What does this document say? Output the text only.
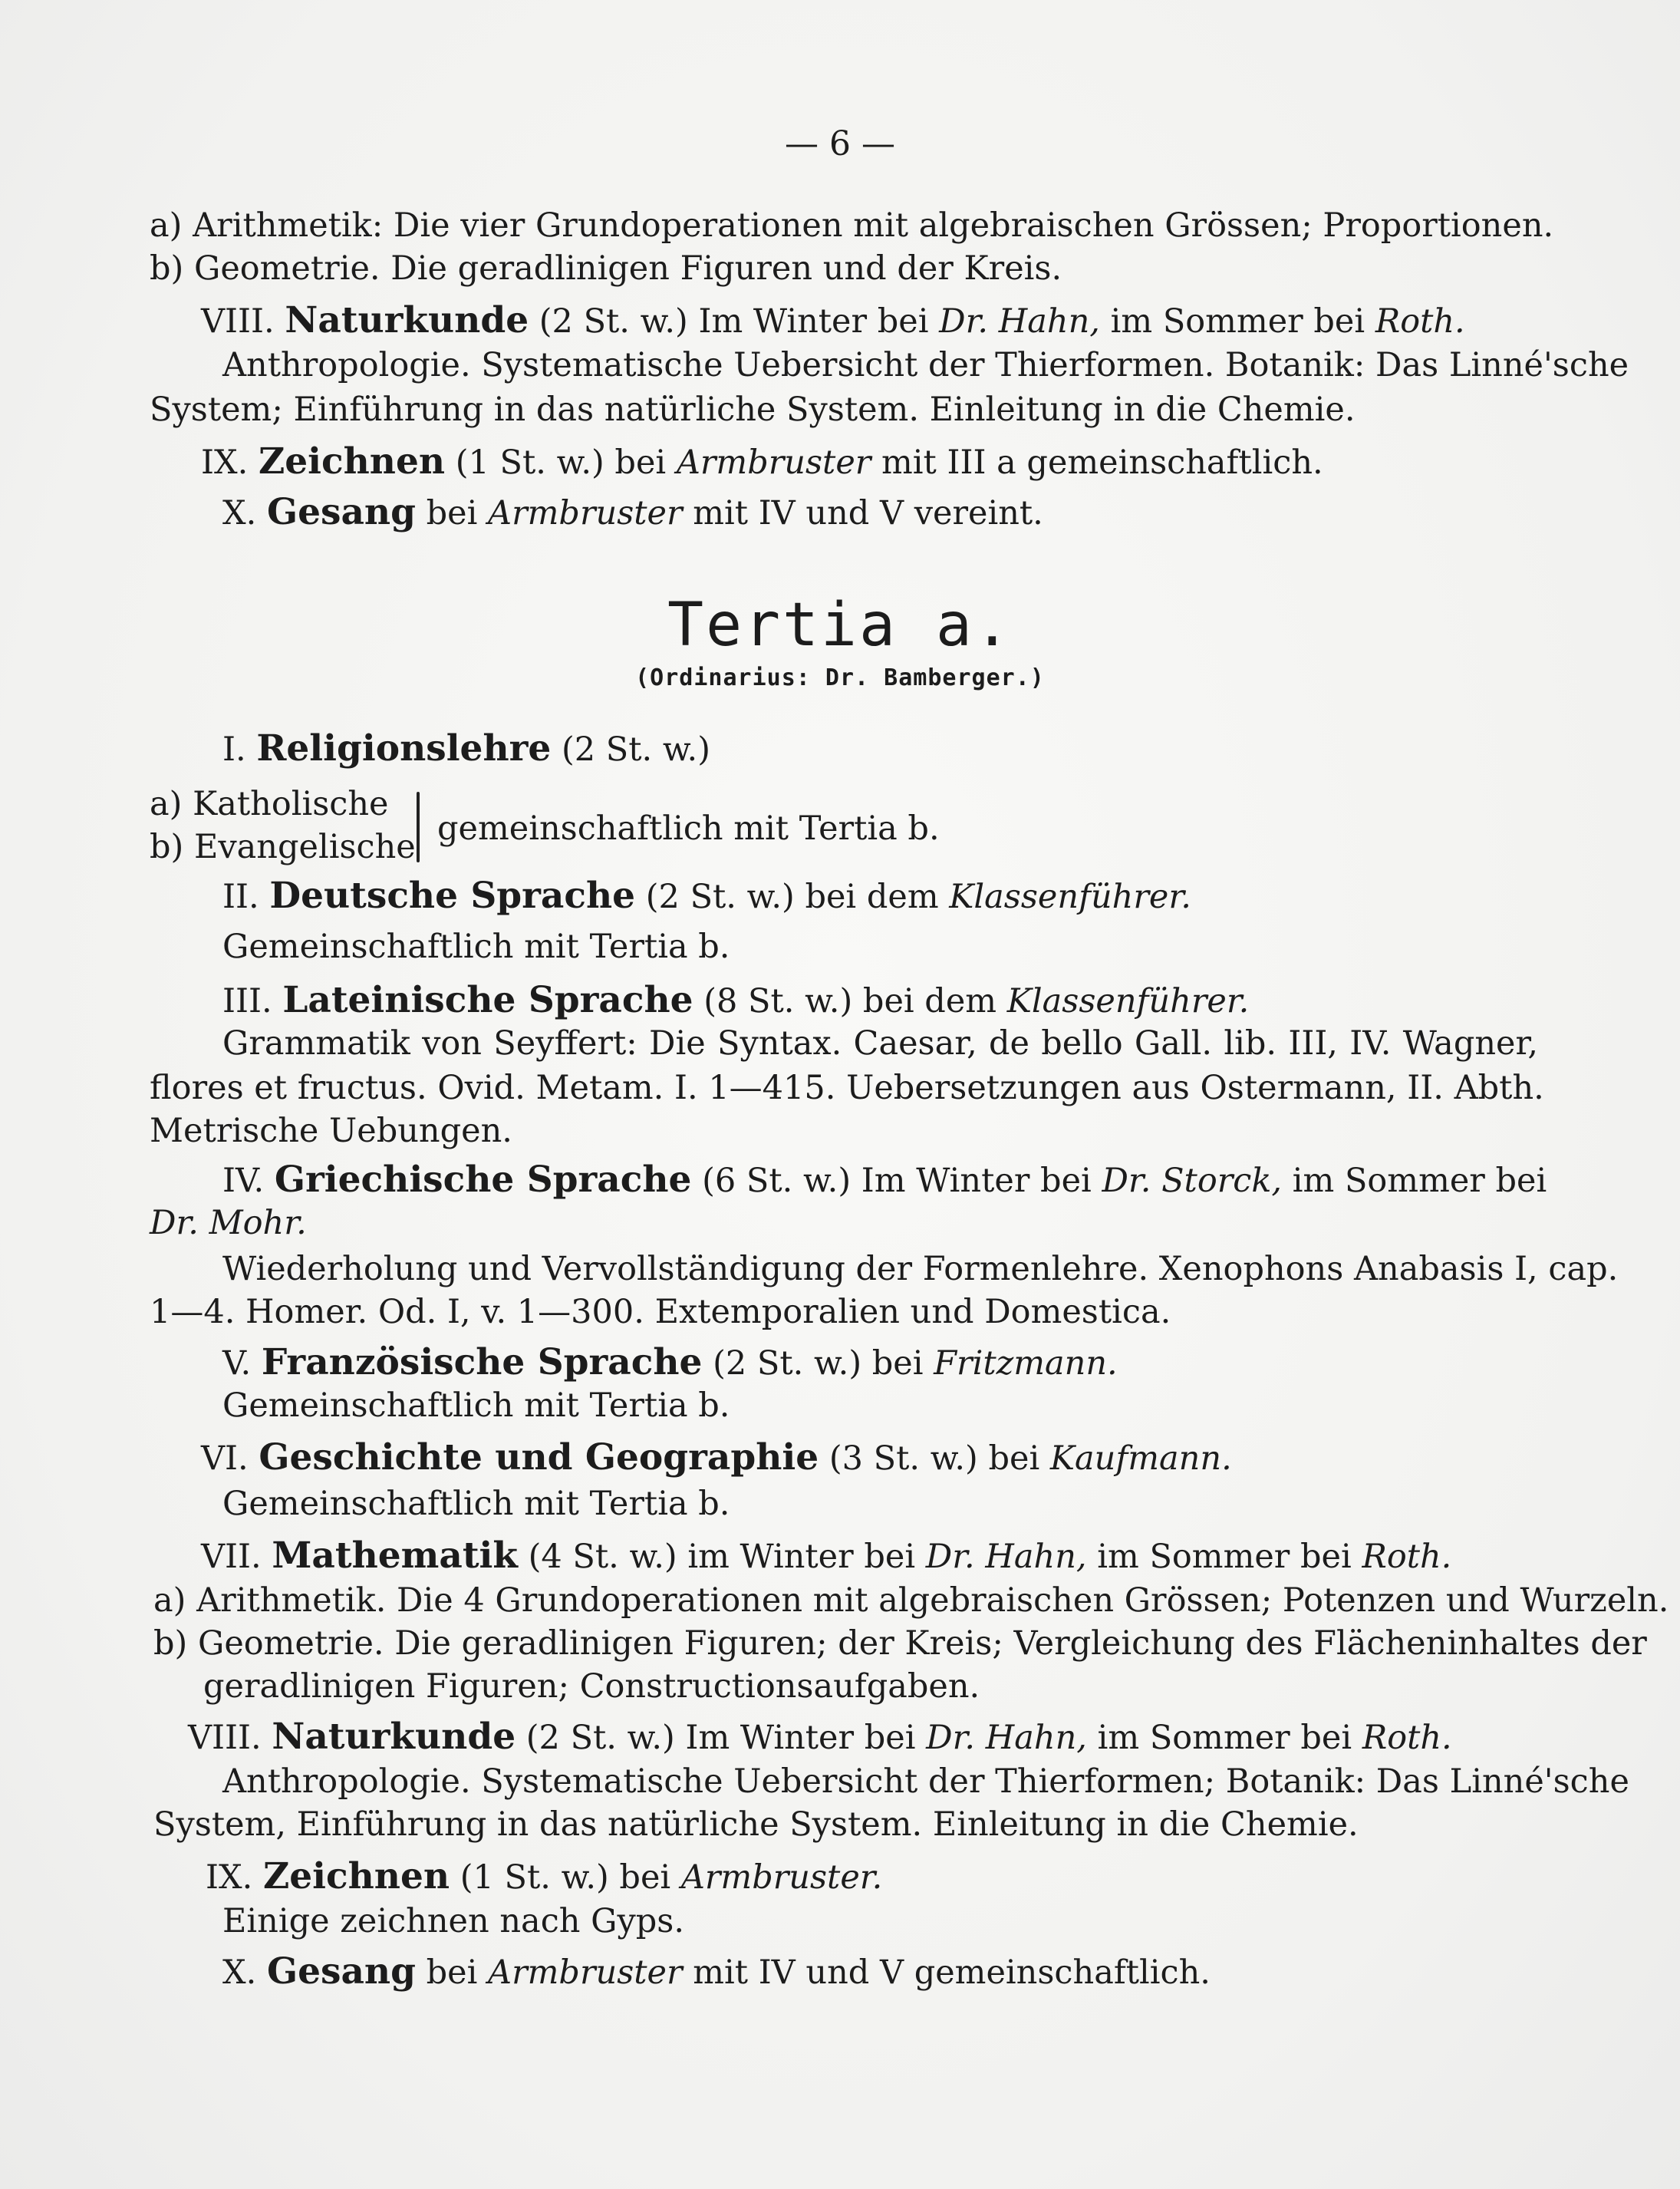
— 6 —
a) Arithmetik: Die vier Grundoperationen mit algebraischen Grössen; Proportionen.
b) Geometrie. Die geradlinigen Figuren und der Kreis.
VIII. Naturkunde (2 St. w.) Im Winter bei Dr. Hahn, im Sommer bei Roth.
Anthropologie. Systematische Uebersicht der Thierformen. Botanik: Das Linné'sche
System; Einführung in das natürliche System. Einleitung in die Chemie.
IX. Zeichnen (1 St. w.) bei Armbruster mit III a gemeinschaftlich.
X. Gesang bei Armbruster mit IV und V vereint.
Tertia a.
(Ordinarius: Dr. Bamberger.)
I. Religionslehre (2 St. w.)
a) Katholische
b) Evangelische gemeinschaftlich mit Tertia b.
II. Deutsche Sprache (2 St. w.) bei dem Klassenführer.
Gemeinschaftlich mit Tertia b.
III. Lateinische Sprache (8 St. w.) bei dem Klassenführer.
Grammatik von Seyffert: Die Syntax. Caesar, de bello Gall. lib. III, IV. Wagner,
flores et fructus. Ovid. Metam. I. 1—415. Uebersetzungen aus Ostermann, II. Abth.
Metrische Uebungen.
IV. Griechische Sprache (6 St. w.) Im Winter bei Dr. Storck, im Sommer bei
Dr. Mohr.
Wiederholung und Vervollständigung der Formenlehre. Xenophons Anabasis I, cap.
1—4. Homer. Od. I, v. 1—300. Extemporalien und Domestica.
V. Französische Sprache (2 St. w.) bei Fritzmann.
Gemeinschaftlich mit Tertia b.
VI. Geschichte und Geographie (3 St. w.) bei Kaufmann.
Gemeinschaftlich mit Tertia b.
VII. Mathematik (4 St. w.) im Winter bei Dr. Hahn, im Sommer bei Roth.
a) Arithmetik. Die 4 Grundoperationen mit algebraischen Grössen; Potenzen und Wurzeln.
b) Geometrie. Die geradlinigen Figuren; der Kreis; Vergleichung des Flächeninhaltes der
geradlinigen Figuren; Constructionsaufgaben.
VIII. Naturkunde (2 St. w.) Im Winter bei Dr. Hahn, im Sommer bei Roth.
Anthropologie. Systematische Uebersicht der Thierformen; Botanik: Das Linné'sche
System, Einführung in das natürliche System. Einleitung in die Chemie.
IX. Zeichnen (1 St. w.) bei Armbruster.
Einige zeichnen nach Gyps.
X. Gesang bei Armbruster mit IV und V gemeinschaftlich.
